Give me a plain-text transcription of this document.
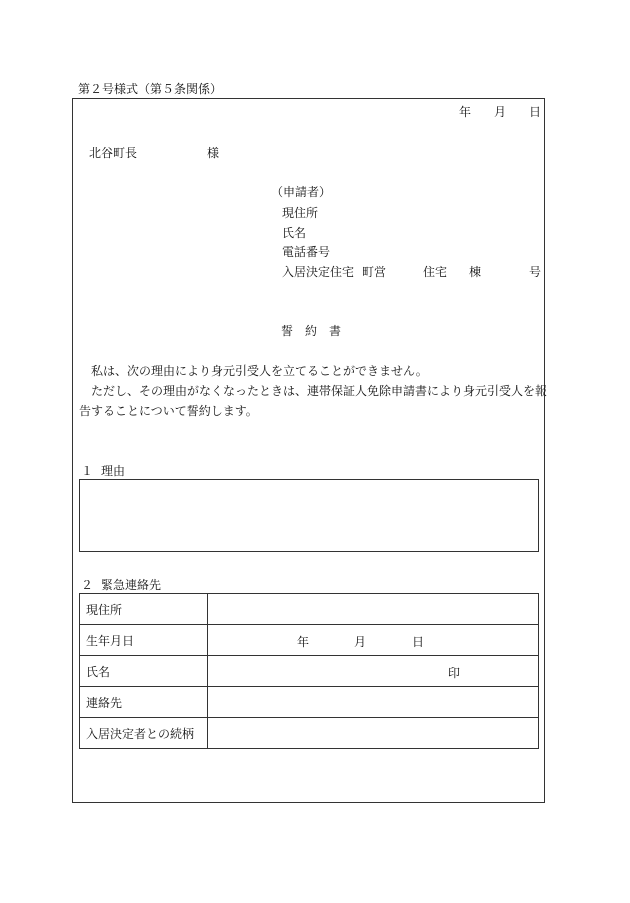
第２号様式（第５条関係）
年 月 日
北谷町長	様
（申請者）
現住所
氏名
電話番号
入居決定住宅 町営	住宅 棟	号
誓約書
私は、次の理由により身元引受人を立てることができません。
ただし、その理由がなくなったときは、連帯保証人免除申請書により身元引受人を報
告することについて誓約します。
１ 理由
２ 緊急連絡先
現住所	
生年月日	年 月 日

氏名	印

連絡先	
入居決定者との続柄	
